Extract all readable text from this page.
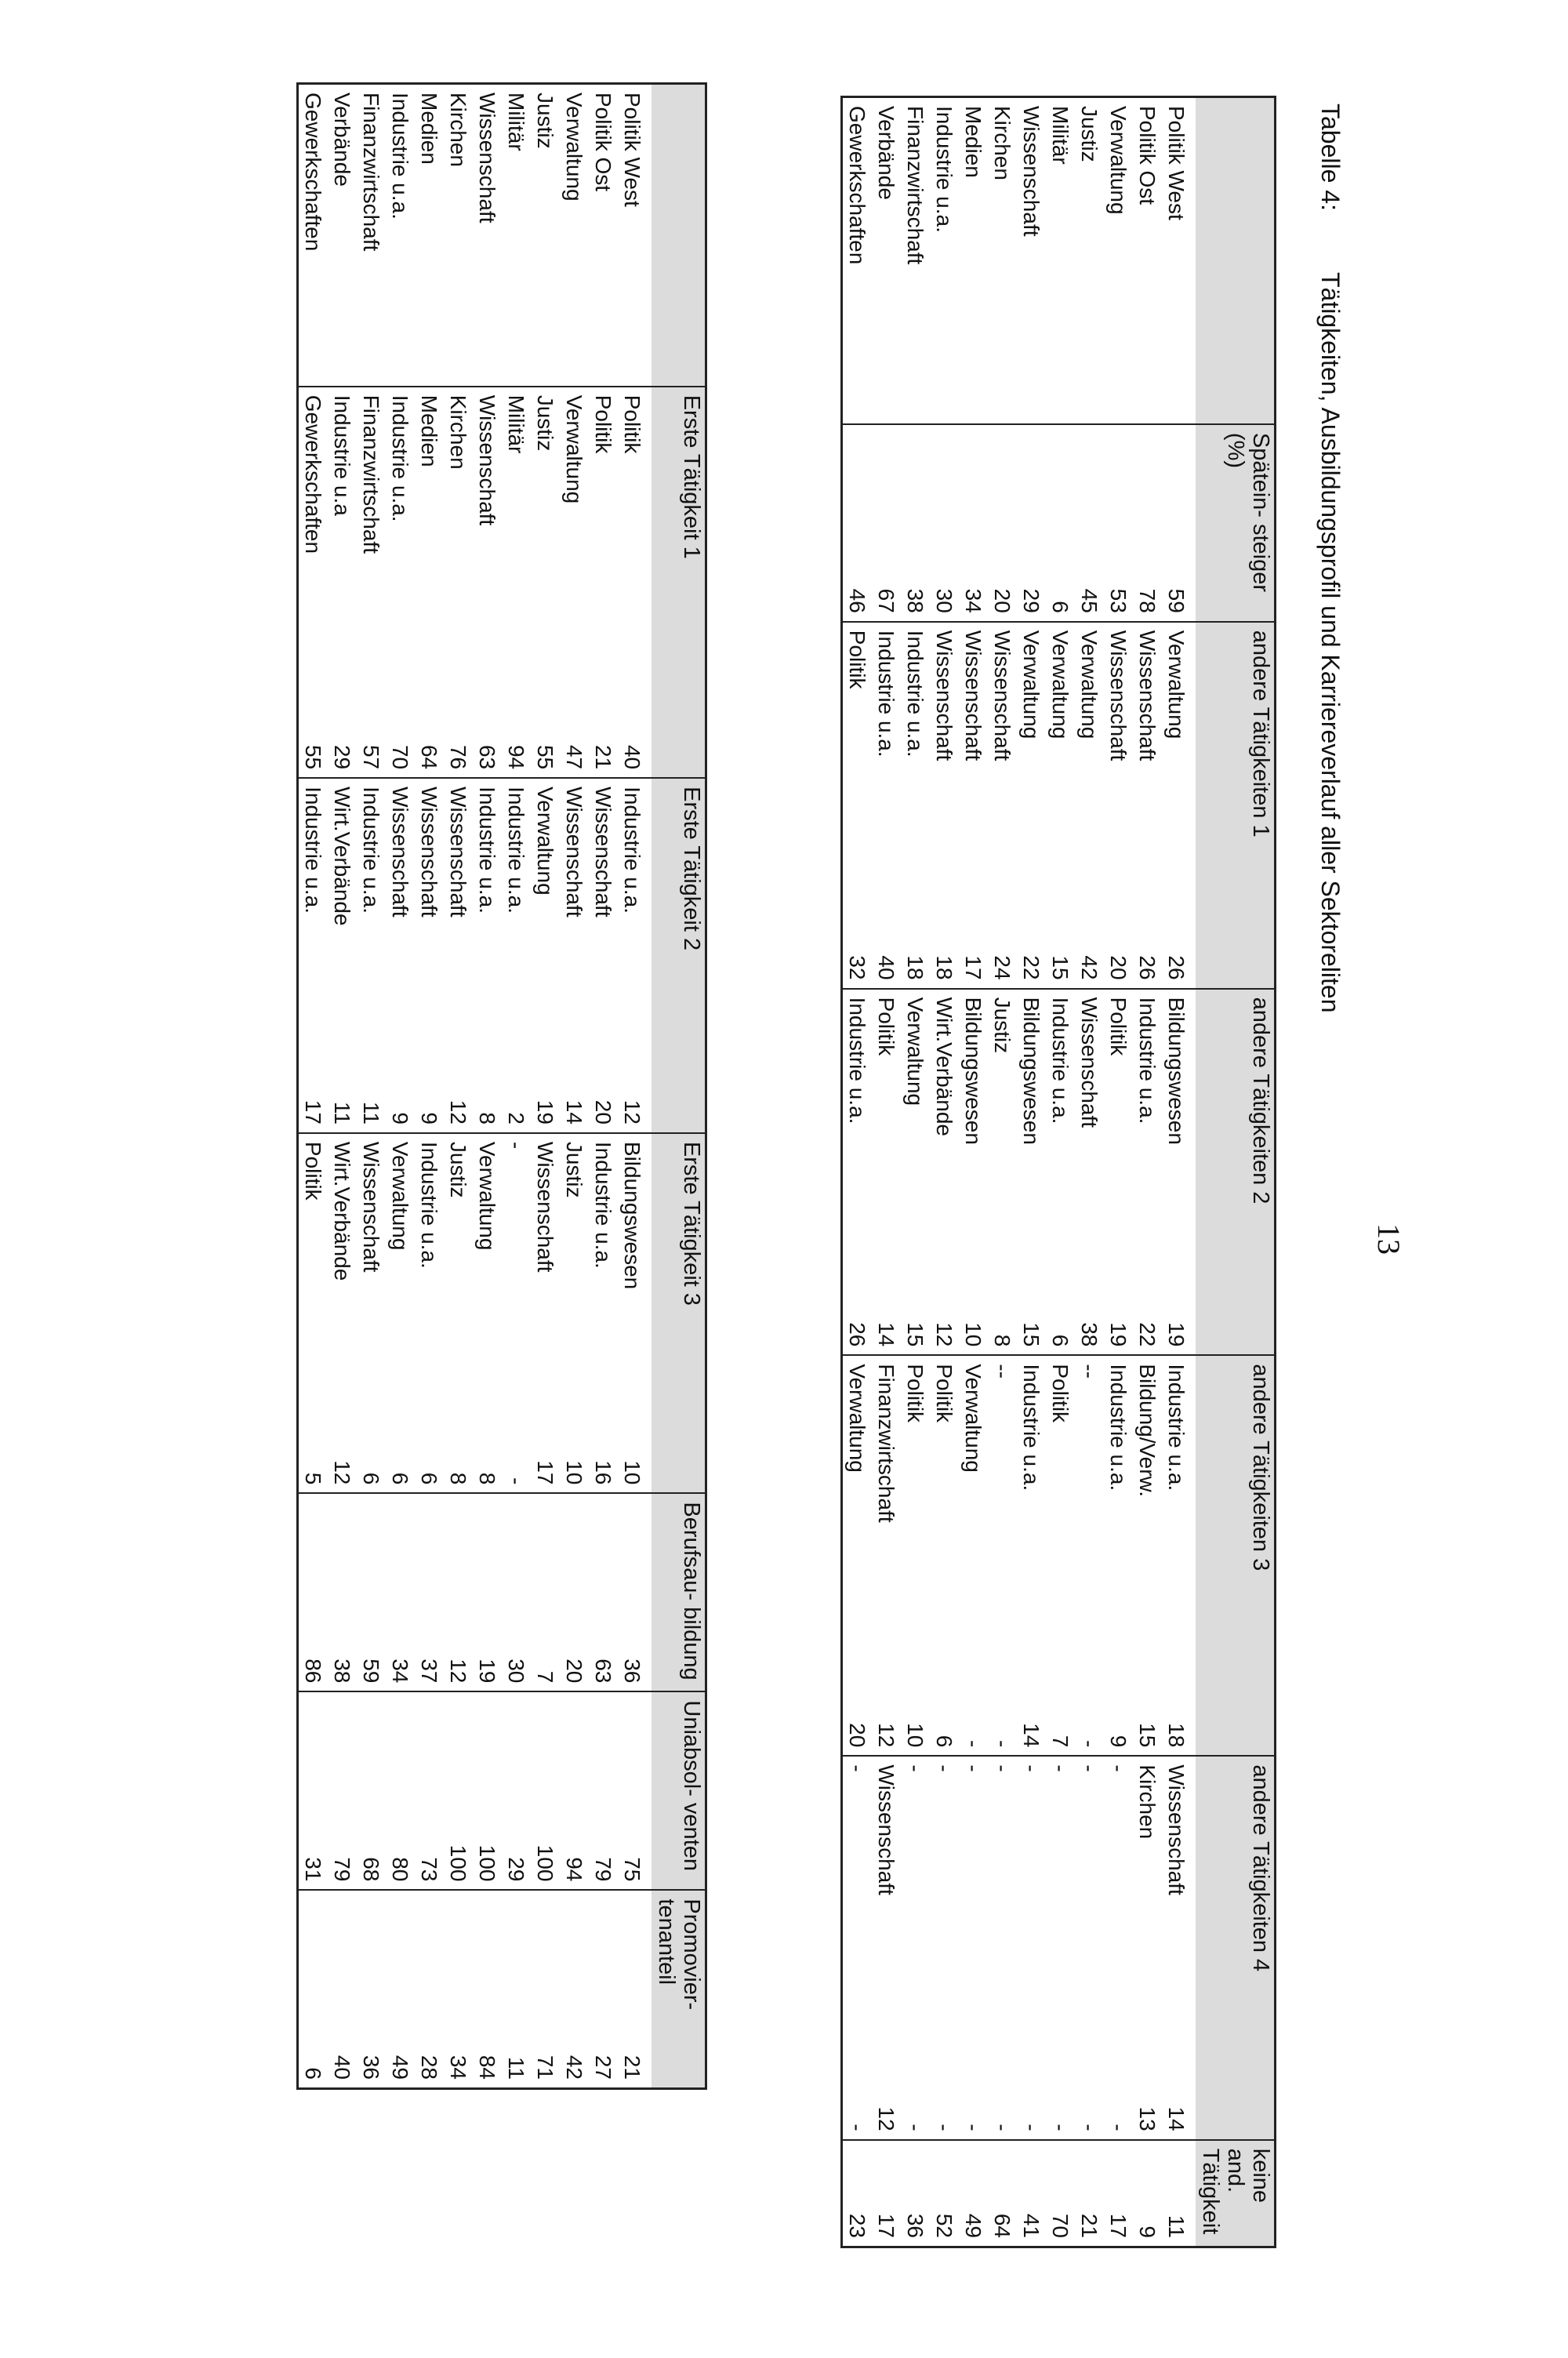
13
Tabelle 4:Tätigkeiten, Ausbildungsprofil und Karriereverlauf aller Sektoreliten
	Spätein- steiger (%)	andere Tätigkeiten 1		andere Tätigkeiten 2		andere Tätigkeiten 3		andere Tätigkeiten 4		keine and. Tätigkeit
Politik West	59	Verwaltung	26	Bildungswesen	19	Industrie u.a.	18	Wissenschaft	14	11
Politik Ost	78	Wissenschaft	26	Industrie u.a.	22	Bildung/Verw.	15	Kirchen	13	9
Verwaltung	53	Wissenschaft	20	Politik	19	Industrie u.a.	9	-	-	17
Justiz	45	Verwaltung	42	Wissenschaft	38	--	-	-	-	21
Militär	6	Verwaltung	15	Industrie u.a.	6	Politik	7	-	-	70
Wissenschaft	29	Verwaltung	22	Bildungswesen	15	Industrie u.a.	14	-	-	41
Kirchen	20	Wissenschaft	24	Justiz	8	--	-	-	-	64
Medien	34	Wissenschaft	17	Bildungswesen	10	Verwaltung	-	-	-	49
Industrie u.a.	30	Wissenschaft	18	Wirt.Verbände	12	Politik	6	-	-	52
Finanzwirtschaft	38	Industrie u.a.	18	Verwaltung	15	Politik	10	-	-	36
Verbände	67	Industrie u.a.	40	Politik	14	Finanzwirtschaft	12	Wissenschaft	12	17
Gewerkschaften	46	Politik	32	Industrie u.a.	26	Verwaltung	20	-	-	23
	Erste Tätigkeit 1		Erste Tätigkeit 2		Erste Tätigkeit 3		Berufsau- bildung	Uniabsol- venten	Promovier- tenanteil
Politik West	Politik	40	Industrie u.a.	12	Bildungswesen	10	36	75	21
Politik Ost	Politik	21	Wissenschaft	20	Industrie u.a.	16	63	79	27
Verwaltung	Verwaltung	47	Wissenschaft	14	Justiz	10	20	94	42
Justiz	Justiz	55	Verwaltung	19	Wissenschaft	17	7	100	71
Militär	Militär	94	Industrie u.a.	2	-	-	30	29	11
Wissenschaft	Wissenschaft	63	Industrie u.a.	8	Verwaltung	8	19	100	84
Kirchen	Kirchen	76	Wissenschaft	12	Justiz	8	12	100	34
Medien	Medien	64	Wissenschaft	9	Industrie u.a.	6	37	73	28
Industrie u.a.	Industrie u.a.	70	Wissenschaft	9	Verwaltung	6	34	80	49
Finanzwirtschaft	Finanzwirtschaft	57	Industrie u.a.	11	Wissenschaft	6	59	68	36
Verbände	Industrie u.a	29	Wirt.Verbände	11	Wirt.Verbände	12	38	79	40
Gewerkschaften	Gewerkschaften	55	Industrie u.a.	17	Politik	5	86	31	6
